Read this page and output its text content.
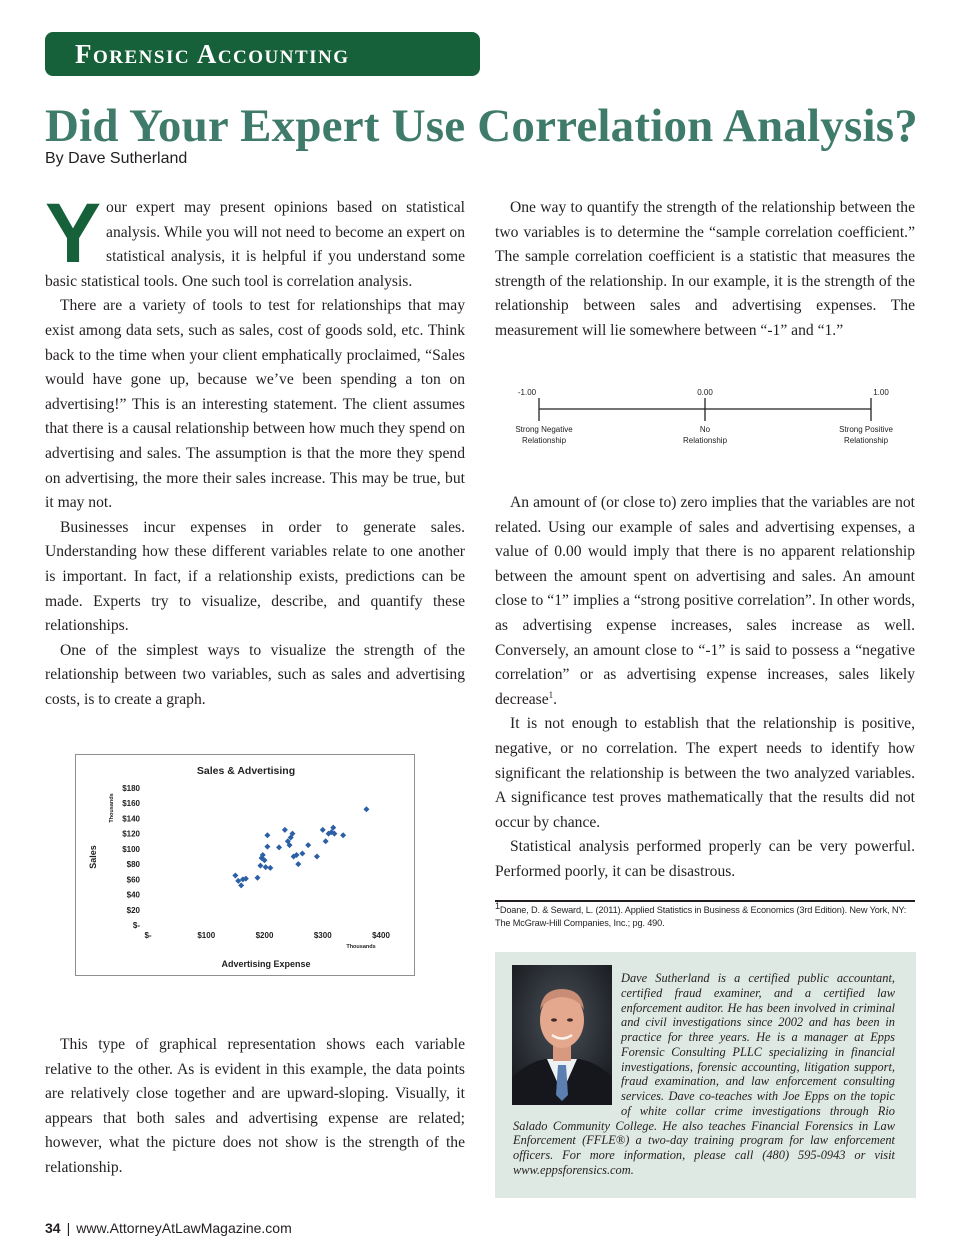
Forensic Accounting
Did Your Expert Use Correlation Analysis?
By Dave Sutherland

Your expert may present opinions based on statistical analysis. While you will not need to become an expert on statistical analysis, it is helpful if you understand some basic statistical tools. One such tool is correlation analysis.

There are a variety of tools to test for relationships that may exist among data sets, such as sales, cost of goods sold, etc. Think back to the time when your client emphatically proclaimed, “Sales would have gone up, because we’ve been spending a ton on advertising!” This is an interesting statement. The client assumes that there is a causal relationship between how much they spend on advertising and sales. The assumption is that the more they spend on advertising, the more their sales increase. This may be true, but it may not.

Businesses incur expenses in order to generate sales. Understanding how these different variables relate to one another is important. In fact, if a relationship exists, predictions can be made. Experts try to visualize, describe, and quantify these relationships.

One of the simplest ways to visualize the strength of the relationship between two variables, such as sales and advertising costs, is to create a graph.

Sales & Advertising
Sales
Thousands
Advertising Expense
Thousands
$-
$20
$40
$60
$80
$100
$120
$140
$160
$180
$-	$100	$200	$300	$400

This type of graphical representation shows each variable relative to the other. As is evident in this example, the data points are relatively close together and are upward-sloping. Visually, it appears that both sales and advertising expense are related; however, what the picture does not show is the strength of the relationship.

One way to quantify the strength of the relationship between the two variables is to determine the “sample correlation coefficient.” The sample correlation coefficient is a statistic that measures the strength of the relationship. In our example, it is the strength of the relationship between sales and advertising expenses. The measurement will lie somewhere between “-1” and “1.”

-1.00	0.00	1.00
Strong Negative
Relationship
No
Relationship
Strong Positive
Relationship

An amount of (or close to) zero implies that the variables are not related. Using our example of sales and advertising expenses, a value of 0.00 would imply that there is no apparent relationship between the amount spent on advertising and sales. An amount close to “1” implies a “strong positive correlation”. In other words, as advertising expense increases, sales increase as well. Conversely, an amount close to “-1” is said to possess a “negative correlation” or as advertising expense increases, sales likely decrease$^1$.

It is not enough to establish that the relationship is positive, negative, or no correlation. The expert needs to identify how significant the relationship is between the two analyzed variables. A significance test proves mathematically that the results did not occur by chance.

Statistical analysis performed properly can be very powerful. Performed poorly, it can be disastrous.

$^1$Doane, D. & Seward, L. (2011). Applied Statistics in Business & Economics (3rd Edition). New York, NY: The McGraw-Hill Companies, Inc.; pg. 490.
Dave Sutherland is a certified public accountant, certified fraud examiner, and a certified law enforcement auditor. He has been involved in criminal and civil investigations since 2002 and has been in practice for three years. He is a manager at Epps Forensic Consulting PLLC specializing in financial investigations, forensic accounting, litigation support, fraud examination, and law enforcement consulting services. Dave co-teaches with Joe Epps on the topic of white collar crime investigations through Rio Salado Community College. He also teaches Financial Forensics in Law Enforcement (FFLE®) a two-day training program for law enforcement officers. For more information, please call (480) 595-0943 or visit www.eppsforensics.com.
34 | www.AttorneyAtLawMagazine.com
